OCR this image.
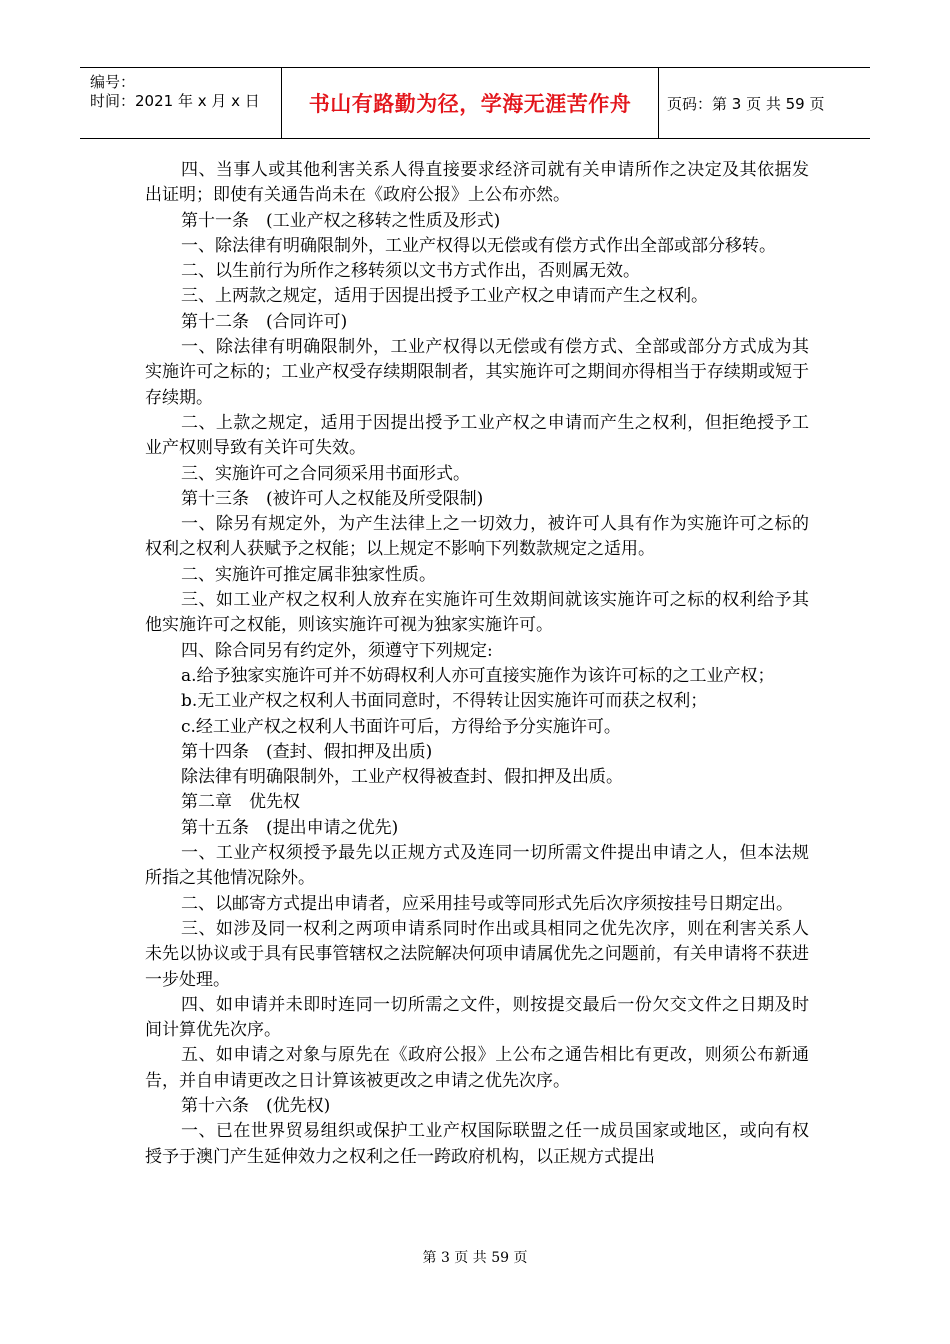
编号：
时间：2021 年 x 月 x 日	书山有路勤为径，学海无涯苦作舟	页码：第 3 页 共 59 页

四、当事人或其他利害关系人得直接要求经济司就有关申请所作之决定及其依据发出证明；即使有关通告尚未在《政府公报》上公布亦然。

第十一条　(工业产权之移转之性质及形式)

一、除法律有明确限制外，工业产权得以无偿或有偿方式作出全部或部分移转。

二、以生前行为所作之移转须以文书方式作出，否则属无效。

三、上两款之规定，适用于因提出授予工业产权之申请而产生之权利。

第十二条　(合同许可)

一、除法律有明确限制外，工业产权得以无偿或有偿方式、全部或部分方式成为其实施许可之标的；工业产权受存续期限制者，其实施许可之期间亦得相当于存续期或短于存续期。

二、上款之规定，适用于因提出授予工业产权之申请而产生之权利，但拒绝授予工业产权则导致有关许可失效。

三、实施许可之合同须采用书面形式。

第十三条　(被许可人之权能及所受限制)

一、除另有规定外，为产生法律上之一切效力，被许可人具有作为实施许可之标的权利之权利人获赋予之权能；以上规定不影响下列数款规定之适用。

二、实施许可推定属非独家性质。

三、如工业产权之权利人放弃在实施许可生效期间就该实施许可之标的权利给予其他实施许可之权能，则该实施许可视为独家实施许可。

四、除合同另有约定外，须遵守下列规定:

a.给予独家实施许可并不妨碍权利人亦可直接实施作为该许可标的之工业产权；

b.无工业产权之权利人书面同意时，不得转让因实施许可而获之权利；

c.经工业产权之权利人书面许可后，方得给予分实施许可。

第十四条　(查封、假扣押及出质)

除法律有明确限制外，工业产权得被查封、假扣押及出质。

第二章　优先权

第十五条　(提出申请之优先)

一、工业产权须授予最先以正规方式及连同一切所需文件提出申请之人，但本法规所指之其他情况除外。

二、以邮寄方式提出申请者，应采用挂号或等同形式先后次序须按挂号日期定出。

三、如涉及同一权利之两项申请系同时作出或具相同之优先次序，则在利害关系人未先以协议或于具有民事管辖权之法院解决何项申请属优先之问题前，有关申请将不获进一步处理。

四、如申请并未即时连同一切所需之文件，则按提交最后一份欠交文件之日期及时间计算优先次序。

五、如申请之对象与原先在《政府公报》上公布之通告相比有更改，则须公布新通告，并自申请更改之日计算该被更改之申请之优先次序。

第十六条　(优先权)

一、已在世界贸易组织或保护工业产权国际联盟之任一成员国家或地区，或向有权授予于澳门产生延伸效力之权利之任一跨政府机构，以正规方式提出

第 3 页 共 59 页
